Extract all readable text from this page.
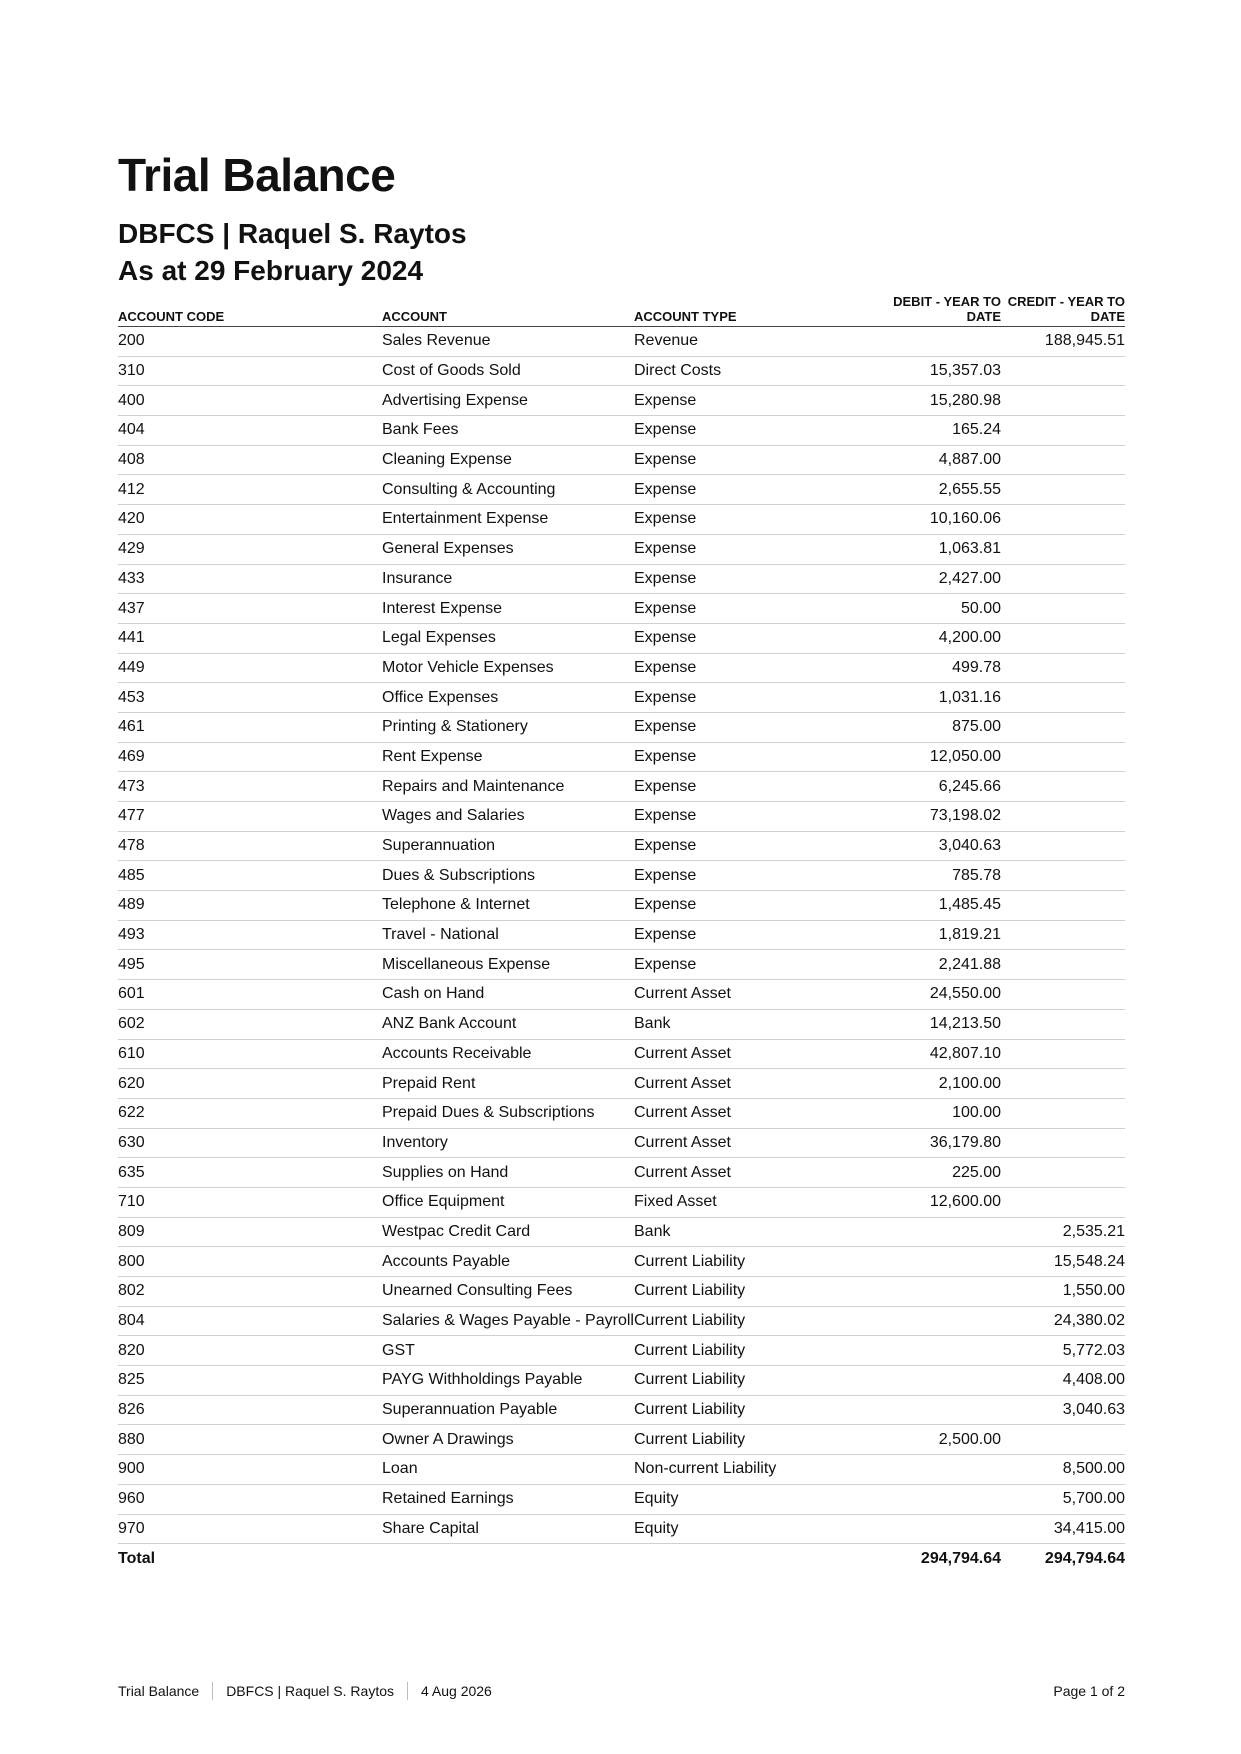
Trial Balance
DBFCS | Raquel S. Raytos
As at 29 February 2024
ACCOUNT CODE	ACCOUNT	ACCOUNT TYPE	DEBIT - YEAR TO DATE	CREDIT - YEAR TO DATE
200	Sales Revenue	Revenue		188,945.51
310	Cost of Goods Sold	Direct Costs	15,357.03	
400	Advertising Expense	Expense	15,280.98	
404	Bank Fees	Expense	165.24	
408	Cleaning Expense	Expense	4,887.00	
412	Consulting & Accounting	Expense	2,655.55	
420	Entertainment Expense	Expense	10,160.06	
429	General Expenses	Expense	1,063.81	
433	Insurance	Expense	2,427.00	
437	Interest Expense	Expense	50.00	
441	Legal Expenses	Expense	4,200.00	
449	Motor Vehicle Expenses	Expense	499.78	
453	Office Expenses	Expense	1,031.16	
461	Printing & Stationery	Expense	875.00	
469	Rent Expense	Expense	12,050.00	
473	Repairs and Maintenance	Expense	6,245.66	
477	Wages and Salaries	Expense	73,198.02	
478	Superannuation	Expense	3,040.63	
485	Dues & Subscriptions	Expense	785.78	
489	Telephone & Internet	Expense	1,485.45	
493	Travel - National	Expense	1,819.21	
495	Miscellaneous Expense	Expense	2,241.88	
601	Cash on Hand	Current Asset	24,550.00	
602	ANZ Bank Account	Bank	14,213.50	
610	Accounts Receivable	Current Asset	42,807.10	
620	Prepaid Rent	Current Asset	2,100.00	
622	Prepaid Dues & Subscriptions	Current Asset	100.00	
630	Inventory	Current Asset	36,179.80	
635	Supplies on Hand	Current Asset	225.00	
710	Office Equipment	Fixed Asset	12,600.00	
809	Westpac Credit Card	Bank		2,535.21
800	Accounts Payable	Current Liability		15,548.24
802	Unearned Consulting Fees	Current Liability		1,550.00
804	Salaries & Wages Payable - Payroll	Current Liability		24,380.02
820	GST	Current Liability		5,772.03
825	PAYG Withholdings Payable	Current Liability		4,408.00
826	Superannuation Payable	Current Liability		3,040.63
880	Owner A Drawings	Current Liability	2,500.00	
900	Loan	Non-current Liability		8,500.00
960	Retained Earnings	Equity		5,700.00
970	Share Capital	Equity		34,415.00
Total			294,794.64	294,794.64
Trial Balance DBFCS | Raquel S. Raytos 4 Aug 2026	Page 1 of 2
